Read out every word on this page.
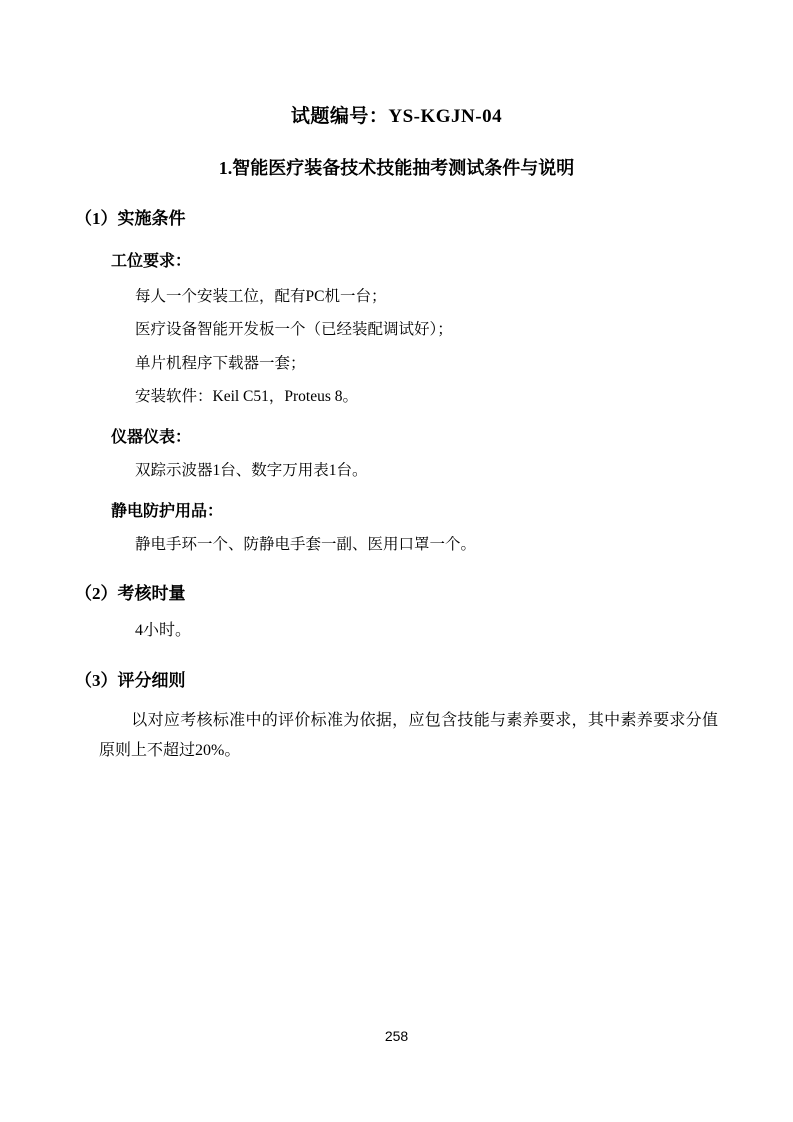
试题编号：YS-KGJN-04
1.智能医疗装备技术技能抽考测试条件与说明
（1）实施条件
工位要求：
每人一个安装工位，配有PC机一台；
医疗设备智能开发板一个（已经装配调试好）；
单片机程序下载器一套；
安装软件：Keil C51，Proteus 8。
仪器仪表：
双踪示波器1台、数字万用表1台。
静电防护用品：
静电手环一个、防静电手套一副、医用口罩一个。
（2）考核时量
4小时。
（3）评分细则
以对应考核标准中的评价标准为依据，应包含技能与素养要求，其中素养要求分值原则上不超过20%。
258
